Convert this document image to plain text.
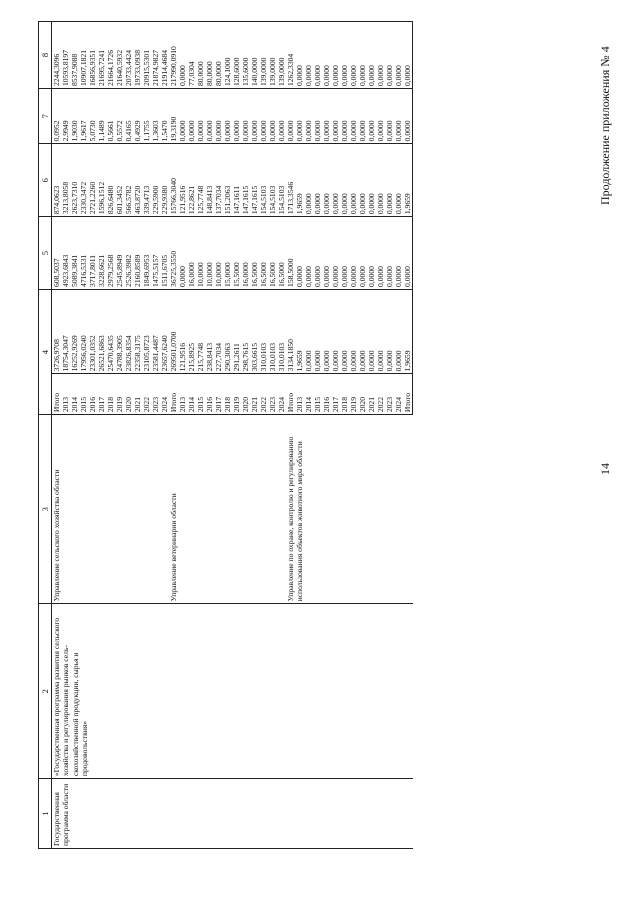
14
Продолжение приложения № 4
1	2	3	4		5	6	7	8
Государственная программа области	«Государственная программа развития сельского хозяйства и регулирования рынков сель- скохозяйственной продукции, сырья и продовольствия»	Управление сельского хозяйства области	Итого	3726,9708	608,5037	874,0623	0,0952	2244,3096
			2013	18754,3047	4923,6843	3213,8058	2,9949	10593,8197
			2014	16252,9269	5089,3841	2623,7310	1,9030	8537,9088
			2015	17956,0240	4716,5331	2330,3472	1,9617	10907,1821
			2016	23301,0352	3717,8011	2721,2260	5,0730	16856,9351
			2017	26521,6863	3228,6621	1596,1512	1,1489	21695,7241
			2018	25470,6435	2979,2568	826,6480	0,5661	21664,1726
			2019	24788,3905	2545,8949	601,3452	0,5572	21640,5932
			2020	23826,8354	2526,3982	566,5782	0,4165	20733,4424
			2021	22358,3175	2160,8589	463,8720	0,4929	19733,0938
			2022	23105,8723	1849,6953	339,4713	1,1755	20915,5301
			2023	23581,4487	1475,5157	229,5900	1,3603	21874,9827
			2024	23657,6240	1511,6705	229,9380	1,5470	21914,4684
		Управление ветеринарии области	Итого	269501,0700	36725,3550	15766,3040	19,3190	217990,0910
			2013	121,9516	0,0000	121,9516	0,0000	0,0000
			2014	215,8925	16,0000	122,8621	0,0000	77,0304
			2015	215,7748	10,0000	125,7748	0,0000	80,0000
			2016	238,8413	10,0000	148,8413	0,0000	80,0000
			2017	227,7034	10,0000	137,7034	0,0000	80,0000
			2018	290,3063	15,0000	151,2063	0,0000	124,1000
			2019	291,2611	15,5000	147,1611	0,0000	128,6000
			2020	298,7615	16,0000	147,1615	0,0000	135,6000
			2021	303,6615	16,5000	147,1615	0,0000	140,0000
			2022	310,0103	16,5000	154,5103	0,0000	139,0000
			2023	310,0103	16,5000	154,5103	0,0000	139,0000
			2024	310,0103	16,5000	154,5103	0,0000	139,0000
		Управление по охране, контролю и регулированию использования объектов животного мира области	Итого	3134,1850	158,5000	1713,3546	0,0000	1262,3304
			2013	1,9659	0,0000	1,9659	0,0000	0,0000
			2014	0,0000	0,0000	0,0000	0,0000	0,0000
			2015	0,0000	0,0000	0,0000	0,0000	0,0000
			2016	0,0000	0,0000	0,0000	0,0000	0,0000
			2017	0,0000	0,0000	0,0000	0,0000	0,0000
			2018	0,0000	0,0000	0,0000	0,0000	0,0000
			2019	0,0000	0,0000	0,0000	0,0000	0,0000
			2020	0,0000	0,0000	0,0000	0,0000	0,0000
			2021	0,0000	0,0000	0,0000	0,0000	0,0000
			2022	0,0000	0,0000	0,0000	0,0000	0,0000
			2023	0,0000	0,0000	0,0000	0,0000	0,0000
			2024	0,0000	0,0000	0,0000	0,0000	0,0000
			Итого	1,9659	0,0000	1,9659	0,0000	0,0000
